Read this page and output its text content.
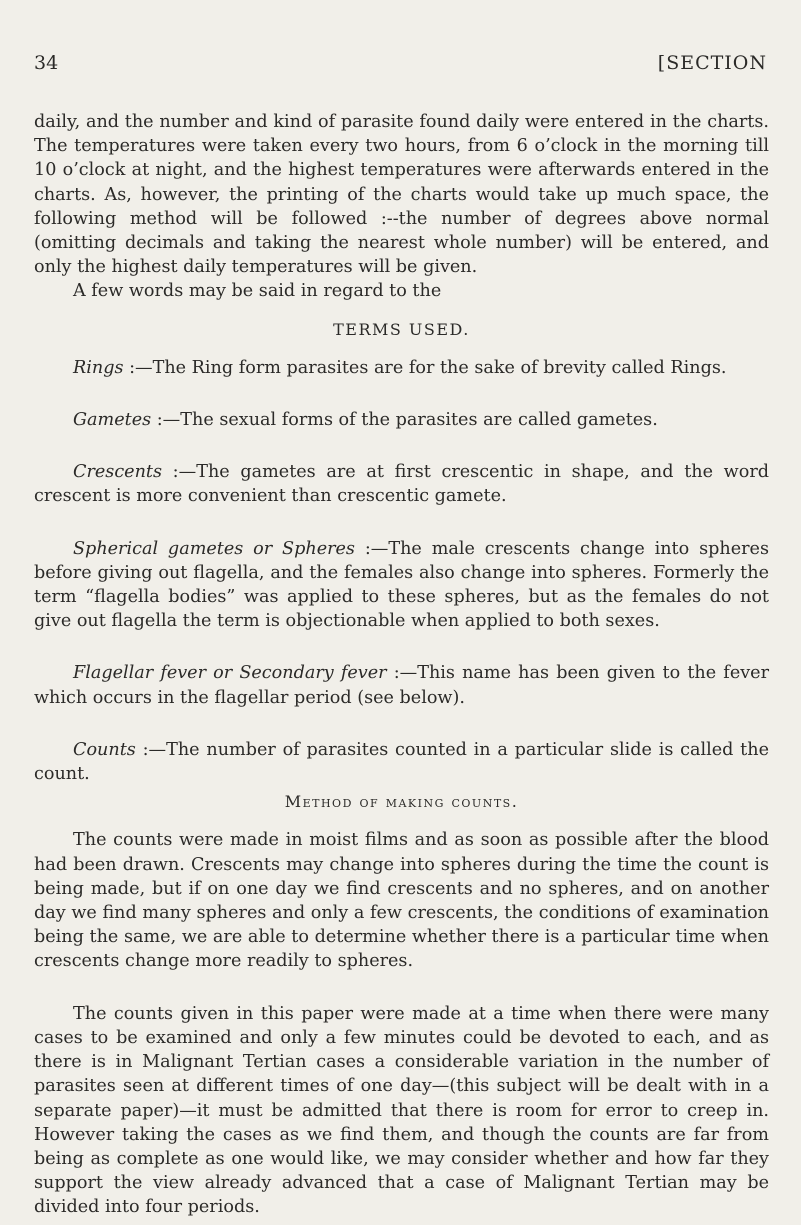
34	[SECTION

daily, and the number and kind of parasite found daily were entered in the charts. The temperatures were taken every two hours, from 6 o’clock in the morning till 10 o’clock at night, and the highest temperatures were afterwards entered in the charts. As, however, the printing of the charts would take up much space, the following method will be followed :--the number of degrees above normal (omitting decimals and taking the nearest whole number) will be entered, and only the highest daily temperatures will be given.

A few words may be said in regard to the

TERMS USED.

Rings :—The Ring form parasites are for the sake of brevity called Rings.

Gametes :—The sexual forms of the parasites are called gametes.

Crescents :—The gametes are at first crescentic in shape, and the word crescent is more convenient than crescentic gamete.

Spherical gametes or Spheres :—The male crescents change into spheres before giving out flagella, and the females also change into spheres. Formerly the term “flagella bodies” was applied to these spheres, but as the females do not give out flagella the term is objectionable when applied to both sexes.

Flagellar fever or Secondary fever :—This name has been given to the fever which occurs in the flagellar period (see below).

Counts :—The number of parasites counted in a particular slide is called the count.

Method of making counts.

The counts were made in moist films and as soon as possible after the blood had been drawn. Crescents may change into spheres during the time the count is being made, but if on one day we find crescents and no spheres, and on another day we find many spheres and only a few crescents, the conditions of examination being the same, we are able to determine whether there is a particular time when crescents change more readily to spheres.

The counts given in this paper were made at a time when there were many cases to be examined and only a few minutes could be devoted to each, and as there is in Malignant Tertian cases a considerable variation in the number of parasites seen at different times of one day—(this subject will be dealt with in a separate paper)—it must be admitted that there is room for error to creep in. However taking the cases as we find them, and though the counts are far from being as complete as one would like, we may consider whether and how far they support the view already advanced that a case of Malignant Tertian may be divided into four periods.
